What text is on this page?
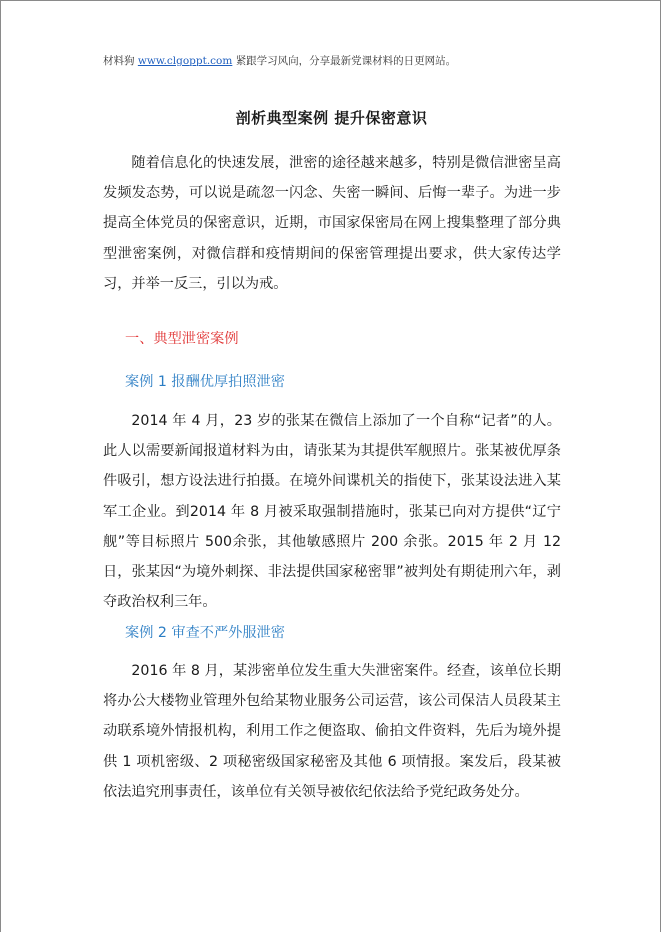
材料狗 www.clgoppt.com 紧跟学习风向，分享最新党课材料的日更网站。
剖析典型案例 提升保密意识

随着信息化的快速发展，泄密的途径越来越多，特别是微信泄密呈高发频发态势，可以说是疏忽一闪念、失密一瞬间、后悔一辈子。为进一步提高全体党员的保密意识，近期，市国家保密局在网上搜集整理了部分典型泄密案例，对微信群和疫情期间的保密管理提出要求，供大家传达学习，并举一反三，引以为戒。

一、典型泄密案例
案例 1 报酬优厚拍照泄密

2014 年 4 月，23 岁的张某在微信上添加了一个自称“记者”的人。此人以需要新闻报道材料为由，请张某为其提供军舰照片。张某被优厚条件吸引，想方设法进行拍摄。在境外间谍机关的指使下，张某设法进入某军工企业。到2014 年 8 月被采取强制措施时，张某已向对方提供“辽宁舰”等目标照片 500余张，其他敏感照片 200 余张。2015 年 2 月 12 日，张某因“为境外刺探、非法提供国家秘密罪”被判处有期徒刑六年，剥夺政治权利三年。

案例 2 审查不严外服泄密

2016 年 8 月，某涉密单位发生重大失泄密案件。经查，该单位长期将办公大楼物业管理外包给某物业服务公司运营，该公司保洁人员段某主动联系境外情报机构，利用工作之便盗取、偷拍文件资料，先后为境外提供 1 项机密级、2 项秘密级国家秘密及其他 6 项情报。案发后，段某被依法追究刑事责任，该单位有关领导被依纪依法给予党纪政务处分。
